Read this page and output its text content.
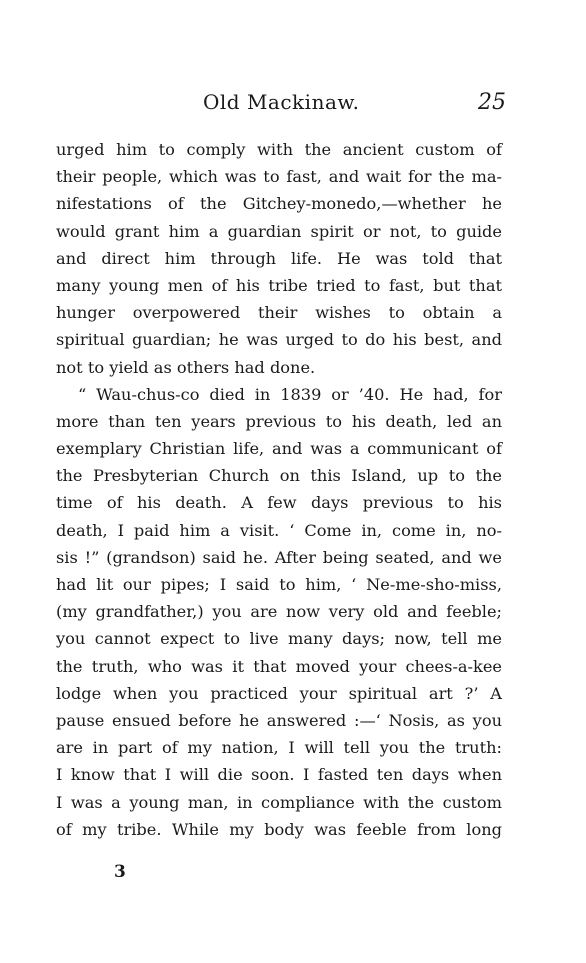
Old Mackinaw.	25
urged him to comply with the ancient custom of
their people, which was to fast, and wait for the ma-
nifestations of the Gitchey-monedo,—whether he
would grant him a guardian spirit or not, to guide
and direct him through life. He was told that
many young men of his tribe tried to fast, but that
hunger overpowered their wishes to obtain a
spiritual guardian; he was urged to do his best, and
not to yield as others had done.
“ Wau-chus-co died in 1839 or ’40. He had, for
more than ten years previous to his death, led an
exemplary Christian life, and was a communicant of
the Presbyterian Church on this Island, up to the
time of his death. A few days previous to his
death, I paid him a visit. ‘ Come in, come in, no-
sis !” (grandson) said he. After being seated, and we
had lit our pipes; I said to him, ‘ Ne-me-sho-miss,
(my grandfather,) you are now very old and feeble;
you cannot expect to live many days; now, tell me
the truth, who was it that moved your chees-a-kee
lodge when you practiced your spiritual art ?’ A
pause ensued before he answered :—‘ Nosis, as you
are in part of my nation, I will tell you the truth:
I know that I will die soon. I fasted ten days when
I was a young man, in compliance with the custom
of my tribe. While my body was feeble from long
3
